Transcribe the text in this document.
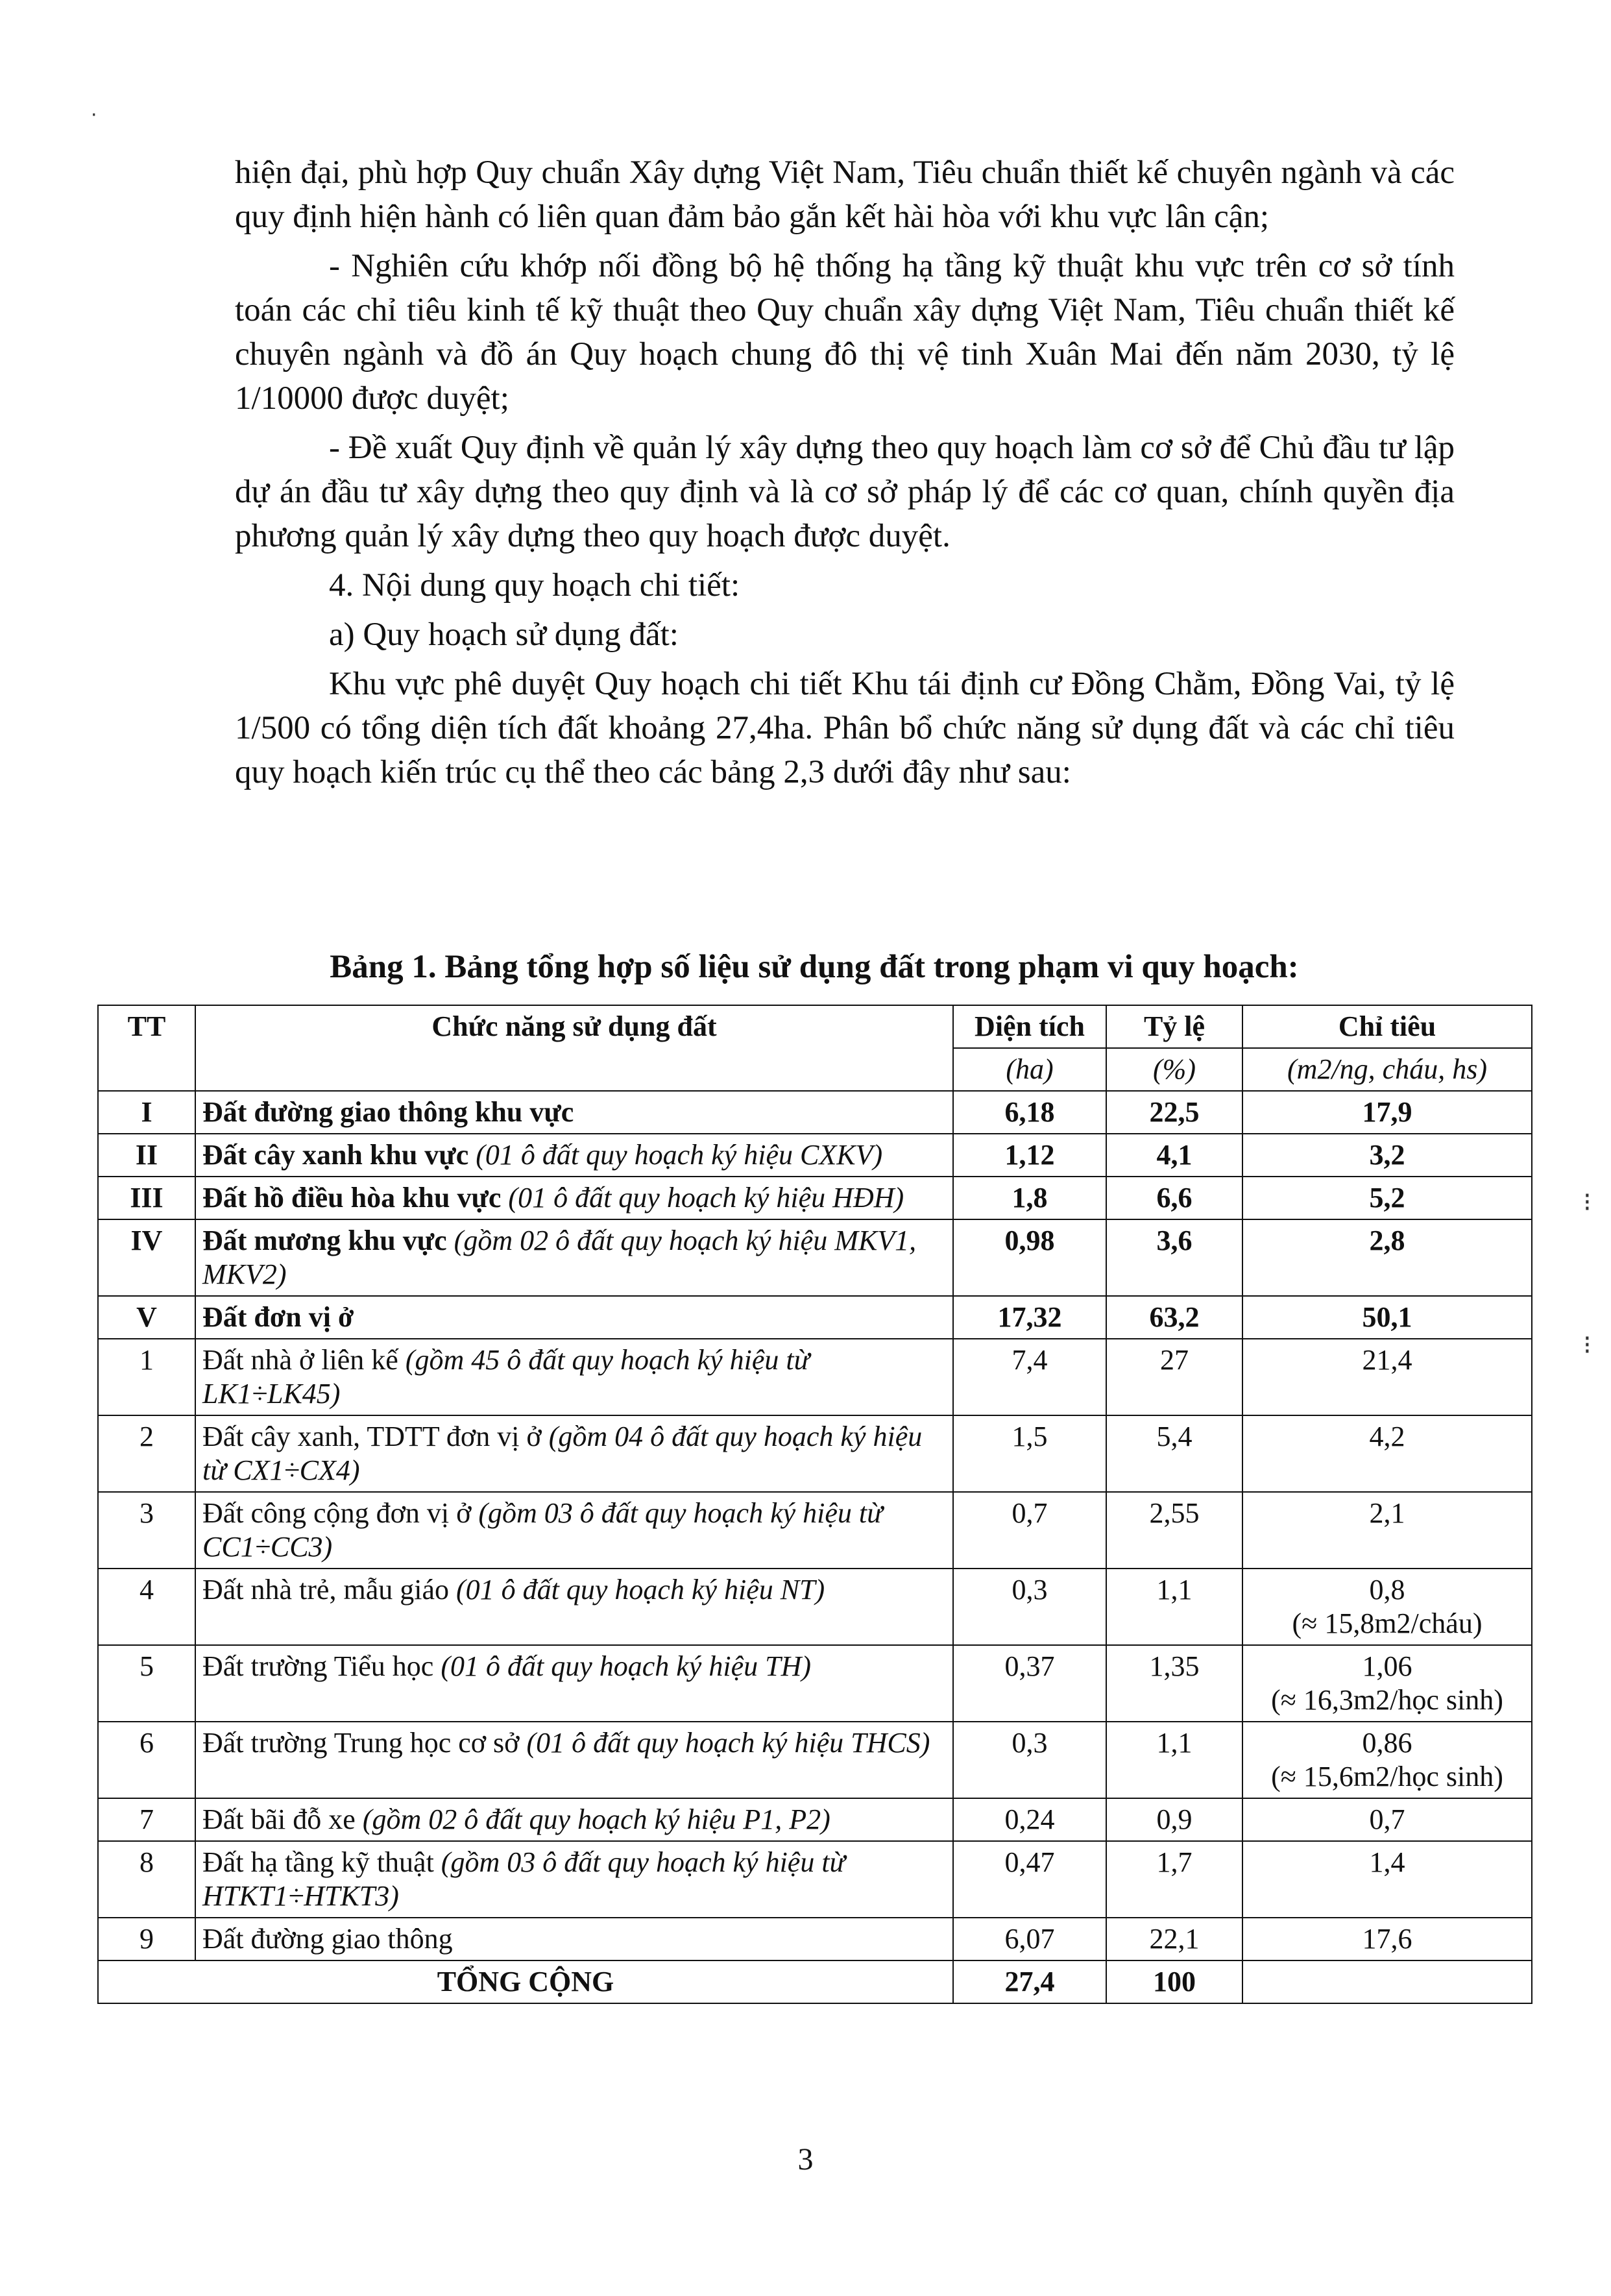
·
⁝
⁝

hiện đại, phù hợp Quy chuẩn Xây dựng Việt Nam, Tiêu chuẩn thiết kế chuyên ngành và các quy định hiện hành có liên quan đảm bảo gắn kết hài hòa với khu vực lân cận;

- Nghiên cứu khớp nối đồng bộ hệ thống hạ tầng kỹ thuật khu vực trên cơ sở tính toán các chỉ tiêu kinh tế kỹ thuật theo Quy chuẩn xây dựng Việt Nam, Tiêu chuẩn thiết kế chuyên ngành và đồ án Quy hoạch chung đô thị vệ tinh Xuân Mai đến năm 2030, tỷ lệ 1/10000 được duyệt;

- Đề xuất Quy định về quản lý xây dựng theo quy hoạch làm cơ sở để Chủ đầu tư lập dự án đầu tư xây dựng theo quy định và là cơ sở pháp lý để các cơ quan, chính quyền địa phương quản lý xây dựng theo quy hoạch được duyệt.

4. Nội dung quy hoạch chi tiết:

a) Quy hoạch sử dụng đất:

Khu vực phê duyệt Quy hoạch chi tiết Khu tái định cư Đồng Chằm, Đồng Vai, tỷ lệ 1/500 có tổng diện tích đất khoảng 27,4ha. Phân bổ chức năng sử dụng đất và các chỉ tiêu quy hoạch kiến trúc cụ thể theo các bảng 2,3 dưới đây như sau:

Bảng 1. Bảng tổng hợp số liệu sử dụng đất trong phạm vi quy hoạch:
TT	Chức năng sử dụng đất	Diện tích	Tỷ lệ	Chỉ tiêu
		(ha)	(%)	(m2/ng, cháu, hs)
I	Đất đường giao thông khu vực	6,18	22,5	17,9

II	Đất cây xanh khu vực (01 ô đất quy hoạch ký hiệu CXKV)	1,12	4,1	3,2

III	Đất hồ điều hòa khu vực (01 ô đất quy hoạch ký hiệu HĐH)	1,8	6,6	5,2

IV	Đất mương khu vực (gồm 02 ô đất quy hoạch ký hiệu MKV1, MKV2)	0,98	3,6	2,8

V	Đất đơn vị ở	17,32	63,2	50,1

1	Đất nhà ở liên kế (gồm 45 ô đất quy hoạch ký hiệu từ LK1÷LK45)	7,4	27	21,4

2	Đất cây xanh, TDTT đơn vị ở (gồm 04 ô đất quy hoạch ký hiệu từ CX1÷CX4)	1,5	5,4	4,2

3	Đất công cộng đơn vị ở (gồm 03 ô đất quy hoạch ký hiệu từ CC1÷CC3)	0,7	2,55	2,1

4	Đất nhà trẻ, mẫu giáo (01 ô đất quy hoạch ký hiệu NT)	0,3	1,1	0,8
(≈ 15,8m2/cháu)

5	Đất trường Tiểu học (01 ô đất quy hoạch ký hiệu TH)	0,37	1,35	1,06
(≈ 16,3m2/học sinh)

6	Đất trường Trung học cơ sở (01 ô đất quy hoạch ký hiệu THCS)	0,3	1,1	0,86
(≈ 15,6m2/học sinh)

7	Đất bãi đỗ xe (gồm 02 ô đất quy hoạch ký hiệu P1, P2)	0,24	0,9	0,7

8	Đất hạ tầng kỹ thuật (gồm 03 ô đất quy hoạch ký hiệu từ HTKT1÷HTKT3)	0,47	1,7	1,4

9	Đất đường giao thông	6,07	22,1	17,6

TỔNG CỘNG		27,4	100	
3
